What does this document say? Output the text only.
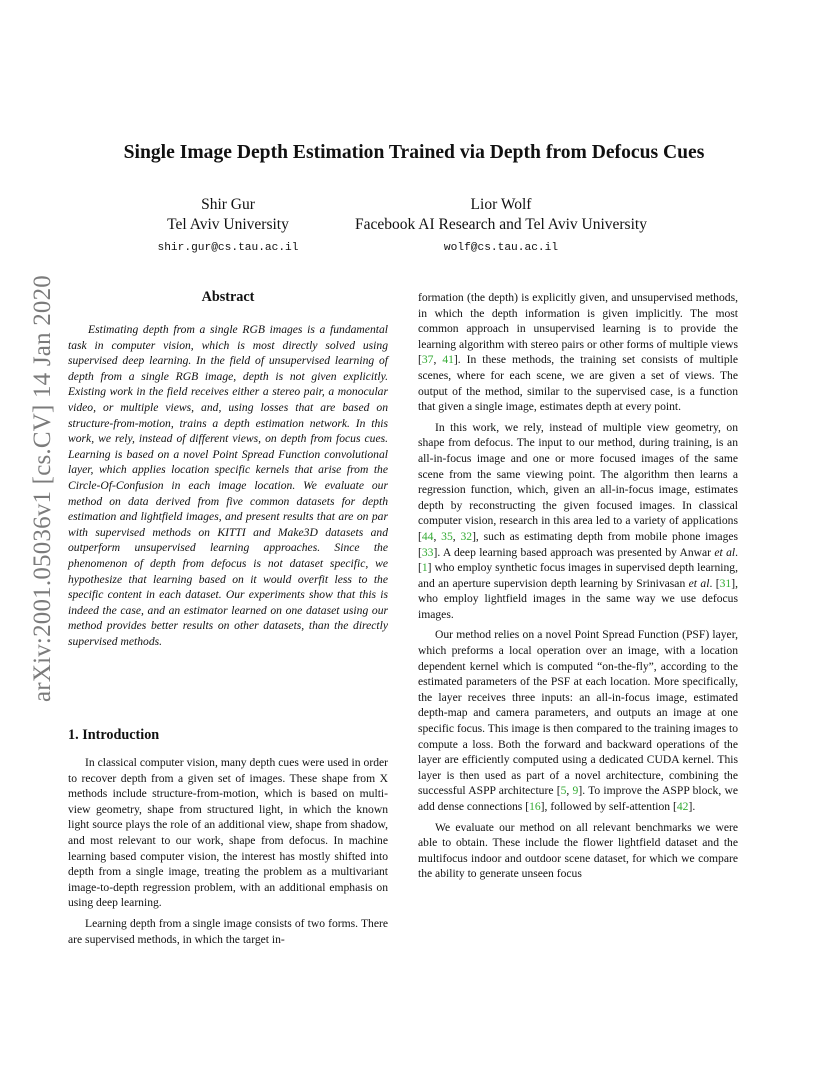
arXiv:2001.05036v1 [cs.CV] 14 Jan 2020
Single Image Depth Estimation Trained via Depth from Defocus Cues
Shir Gur
Tel Aviv University
shir.gur@cs.tau.ac.il
Lior Wolf
Facebook AI Research and Tel Aviv University
wolf@cs.tau.ac.il
Abstract
Estimating depth from a single RGB images is a fundamental task in computer vision, which is most directly solved using supervised deep learning. In the field of unsupervised learning of depth from a single RGB image, depth is not given explicitly. Existing work in the field receives either a stereo pair, a monocular video, or multiple views, and, using losses that are based on structure-from-motion, trains a depth estimation network. In this work, we rely, instead of different views, on depth from focus cues. Learning is based on a novel Point Spread Function convolutional layer, which applies location specific kernels that arise from the Circle-Of-Confusion in each image location. We evaluate our method on data derived from five common datasets for depth estimation and lightfield images, and present results that are on par with supervised methods on KITTI and Make3D datasets and outperform unsupervised learning approaches. Since the phenomenon of depth from defocus is not dataset specific, we hypothesize that learning based on it would overfit less to the specific content in each dataset. Our experiments show that this is indeed the case, and an estimator learned on one dataset using our method provides better results on other datasets, than the directly supervised methods.
1. Introduction

In classical computer vision, many depth cues were used in order to recover depth from a given set of images. These shape from X methods include structure-from-motion, which is based on multi-view geometry, shape from structured light, in which the known light source plays the role of an additional view, shape from shadow, and most relevant to our work, shape from defocus. In machine learning based computer vision, the interest has mostly shifted into depth from a single image, treating the problem as a multivariant image-to-depth regression problem, with an additional emphasis on using deep learning.

Learning depth from a single image consists of two forms. There are supervised methods, in which the target in-

formation (the depth) is explicitly given, and unsupervised methods, in which the depth information is given implicitly. The most common approach in unsupervised learning is to provide the learning algorithm with stereo pairs or other forms of multiple views [37, 41]. In these methods, the training set consists of multiple scenes, where for each scene, we are given a set of views. The output of the method, similar to the supervised case, is a function that given a single image, estimates depth at every point.

In this work, we rely, instead of multiple view geometry, on shape from defocus. The input to our method, during training, is an all-in-focus image and one or more focused images of the same scene from the same viewing point. The algorithm then learns a regression function, which, given an all-in-focus image, estimates depth by reconstructing the given focused images. In classical computer vision, research in this area led to a variety of applications [44, 35, 32], such as estimating depth from mobile phone images [33]. A deep learning based approach was presented by Anwar et al. [1] who employ synthetic focus images in supervised depth learning, and an aperture supervision depth learning by Srinivasan et al. [31], who employ lightfield images in the same way we use defocus images.

Our method relies on a novel Point Spread Function (PSF) layer, which preforms a local operation over an image, with a location dependent kernel which is computed “on-the-fly”, according to the estimated parameters of the PSF at each location. More specifically, the layer receives three inputs: an all-in-focus image, estimated depth-map and camera parameters, and outputs an image at one specific focus. This image is then compared to the training images to compute a loss. Both the forward and backward operations of the layer are efficiently computed using a dedicated CUDA kernel. This layer is then used as part of a novel architecture, combining the successful ASPP architecture [5, 9]. To improve the ASPP block, we add dense connections [16], followed by self-attention [42].

We evaluate our method on all relevant benchmarks we were able to obtain. These include the flower lightfield dataset and the multifocus indoor and outdoor scene dataset, for which we compare the ability to generate unseen focus
